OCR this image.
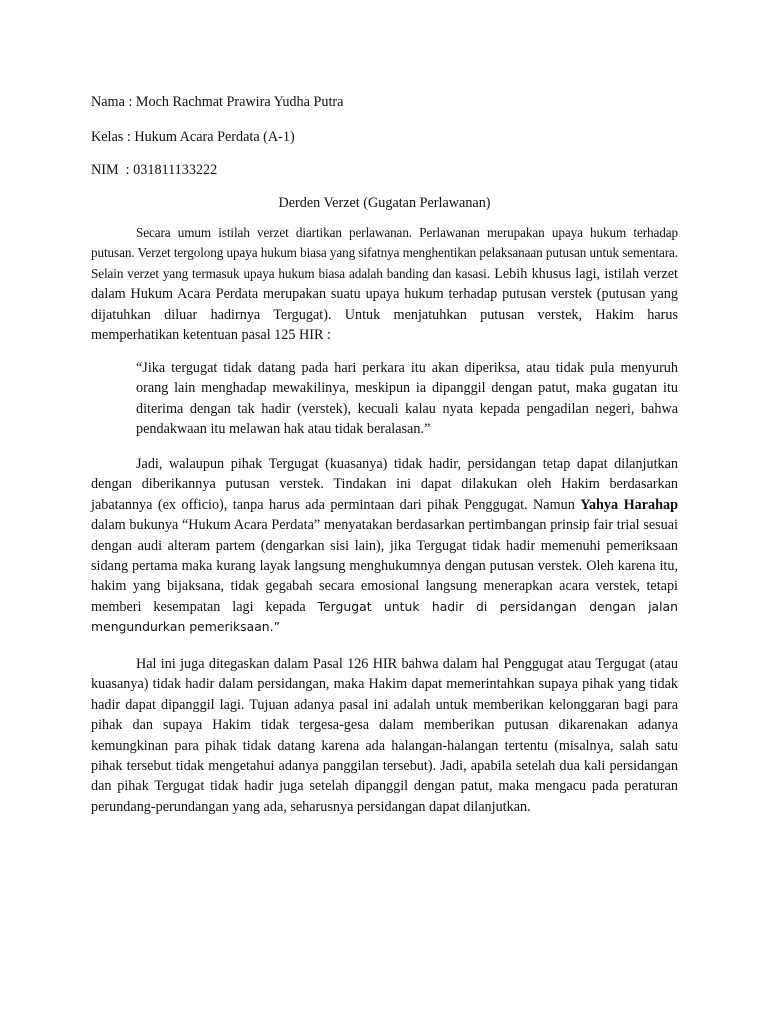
Nama : Moch Rachmat Prawira Yudha Putra
Kelas : Hukum Acara Perdata (A-1)
NIM  : 031811133222
Derden Verzet (Gugatan Perlawanan)

Secara umum istilah verzet diartikan perlawanan. Perlawanan merupakan upaya hukum terhadap putusan. Verzet tergolong upaya hukum biasa yang sifatnya menghentikan pelaksanaan putusan untuk sementara. Selain verzet yang termasuk upaya hukum biasa adalah banding dan kasasi. Lebih khusus lagi, istilah verzet dalam Hukum Acara Perdata merupakan suatu upaya hukum terhadap putusan verstek (putusan yang dijatuhkan diluar hadirnya Tergugat). Untuk menjatuhkan putusan verstek, Hakim harus memperhatikan ketentuan pasal 125 HIR :

“Jika tergugat tidak datang pada hari perkara itu akan diperiksa, atau tidak pula menyuruh orang lain menghadap mewakilinya, meskipun ia dipanggil dengan patut, maka gugatan itu diterima dengan tak hadir (verstek), kecuali kalau nyata kepada pengadilan negeri, bahwa pendakwaan itu melawan hak atau tidak beralasan.”

Jadi, walaupun pihak Tergugat (kuasanya) tidak hadir, persidangan tetap dapat dilanjutkan dengan diberikannya putusan verstek. Tindakan ini dapat dilakukan oleh Hakim berdasarkan jabatannya (ex officio), tanpa harus ada permintaan dari pihak Penggugat. Namun Yahya Harahap  dalam bukunya “Hukum Acara Perdata” menyatakan berdasarkan pertimbangan prinsip fair trial sesuai dengan audi alteram partem (dengarkan sisi lain), jika Tergugat tidak hadir memenuhi pemeriksaan sidang pertama maka kurang layak langsung menghukumnya dengan putusan verstek. Oleh karena itu, hakim yang bijaksana, tidak gegabah secara emosional langsung menerapkan acara verstek, tetapi memberi kesempatan lagi kepada Tergugat untuk hadir di persidangan dengan jalan mengundurkan pemeriksaan.”

Hal ini juga ditegaskan dalam Pasal 126 HIR bahwa dalam hal Penggugat atau Tergugat (atau kuasanya) tidak hadir dalam persidangan, maka Hakim dapat memerintahkan supaya pihak yang tidak hadir dapat dipanggil lagi. Tujuan adanya pasal ini adalah untuk memberikan kelonggaran bagi para pihak dan supaya Hakim tidak tergesa-gesa dalam memberikan putusan dikarenakan adanya kemungkinan para pihak tidak datang karena ada halangan-halangan tertentu (misalnya, salah satu pihak tersebut tidak mengetahui adanya panggilan tersebut). Jadi, apabila setelah dua kali persidangan dan pihak Tergugat tidak hadir juga setelah dipanggil dengan patut, maka mengacu pada peraturan perundang-perundangan yang ada, seharusnya persidangan dapat dilanjutkan.
